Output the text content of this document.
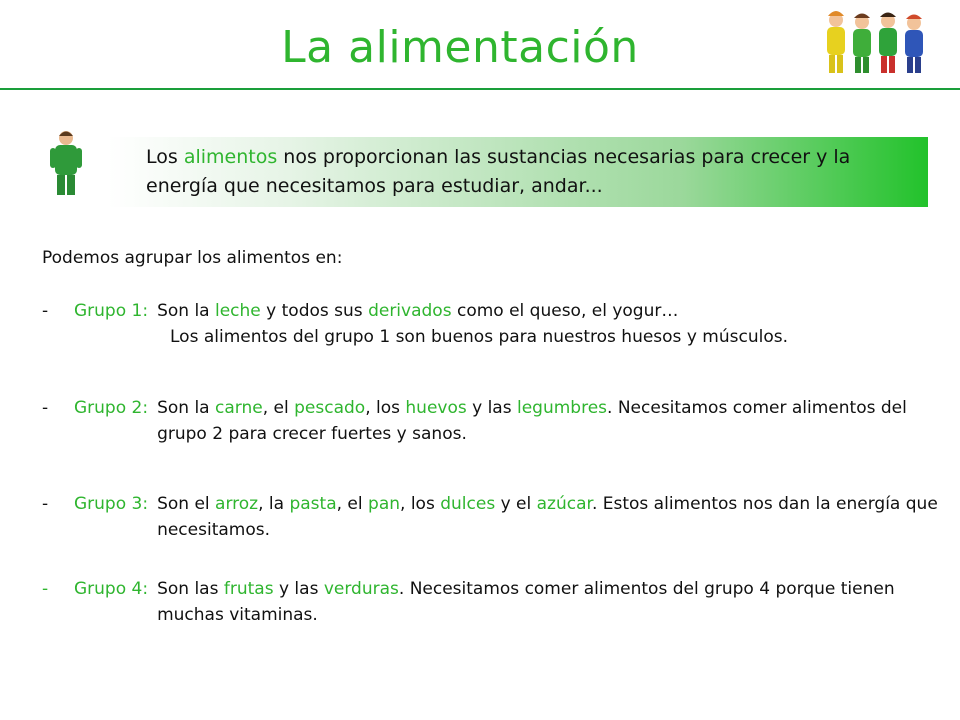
La alimentación
Los alimentos nos proporcionan las sustancias necesarias para crecer y la energía que necesitamos para estudiar, andar...
Podemos agrupar los alimentos en:
-	Grupo 1: Son la leche y todos sus derivados como el queso, el yogur…
Los alimentos del grupo 1 son buenos para nuestros huesos y músculos.
-	Grupo 2: Son la carne, el pescado, los huevos y las legumbres. Necesitamos comer alimentos del grupo 2 para crecer fuertes y sanos.
-	Grupo 3: Son el arroz, la pasta, el pan, los dulces y el azúcar. Estos alimentos nos dan la energía que necesitamos.
-	Grupo 4: Son las frutas y las verduras. Necesitamos comer alimentos del grupo 4 porque tienen muchas vitaminas.
